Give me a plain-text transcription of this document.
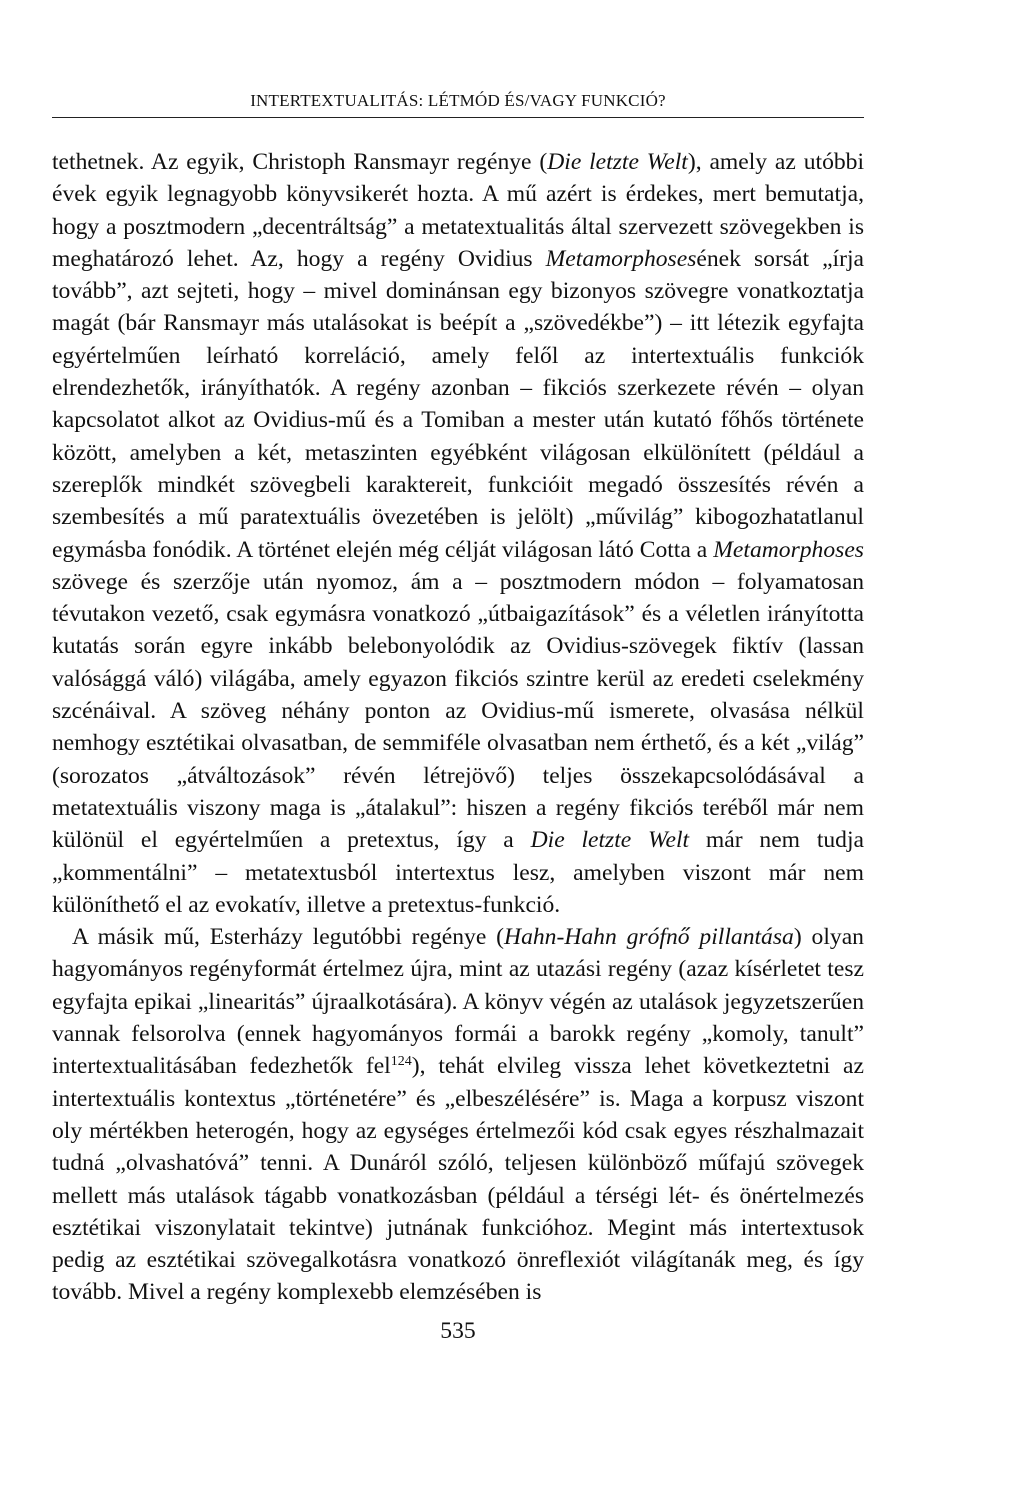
INTERTEXTUALITÁS: LÉTMÓD ÉS/VAGY FUNKCIÓ?

tethetnek. Az egyik, Christoph Ransmayr regénye (Die letzte Welt), amely az utóbbi évek egyik legnagyobb könyvsikerét hozta. A mű azért is érdekes, mert bemutatja, hogy a posztmodern „decentráltság” a metatextualitás által szervezett szövegekben is meghatározó lehet. Az, hogy a regény Ovidius Metamorphosesének sorsát „írja tovább”, azt sejteti, hogy – mivel dominánsan egy bizonyos szövegre vonatkoztatja magát (bár Ransmayr más utalásokat is beépít a „szövedékbe”) – itt létezik egyfajta egyértelműen leírható korreláció, amely felől az intertextuális funkciók elrendezhetők, irányíthatók. A regény azonban – fikciós szerkezete révén – olyan kapcsolatot alkot az Ovidius-mű és a Tomiban a mester után kutató főhős története között, amelyben a két, metaszinten egyébként világosan elkülönített (például a szereplők mindkét szövegbeli karaktereit, funkcióit megadó összesítés révén a szembesítés a mű paratextuális övezetében is jelölt) „művilág” kibogozhatatlanul egymásba fonódik. A történet elején még célját világosan látó Cotta a Metamorphoses szövege és szerzője után nyomoz, ám a – posztmodern módon – folyamatosan tévutakon vezető, csak egymásra vonatkozó „útbaigazítások” és a véletlen irányította kutatás során egyre inkább belebonyolódik az Ovidius-szövegek fiktív (lassan valósággá váló) világába, amely egyazon fikciós szintre kerül az eredeti cselekmény szcénáival. A szöveg néhány ponton az Ovidius-mű ismerete, olvasása nélkül nemhogy esztétikai olvasatban, de semmiféle olvasatban nem érthető, és a két „világ” (sorozatos „átváltozások” révén létrejövő) teljes összekapcsolódásával a metatextuális viszony maga is „átalakul”: hiszen a regény fikciós teréből már nem különül el egyértelműen a pretextus, így a Die letzte Welt már nem tudja „kommentálni” – metatextusból intertextus lesz, amelyben viszont már nem különíthető el az evokatív, illetve a pretextus-funkció.

A másik mű, Esterházy legutóbbi regénye (Hahn-Hahn grófnő pillantása) olyan hagyományos regényformát értelmez újra, mint az utazási regény (azaz kísérletet tesz egyfajta epikai „linearitás” újraalkotására). A könyv végén az utalások jegyzetszerűen vannak felsorolva (ennek hagyományos formái a barokk regény „komoly, tanult” intertextualitásában fedezhetők fel$^{124}$), tehát elvileg vissza lehet következtetni az intertextuális kontextus „történetére” és „elbeszélésére” is. Maga a korpusz viszont oly mértékben heterogén, hogy az egységes értelmezői kód csak egyes részhalmazait tudná „olvashatóvá” tenni. A Dunáról szóló, teljesen különböző műfajú szövegek mellett más utalások tágabb vonatkozásban (például a térségi lét- és önértelmezés esztétikai viszonylatait tekintve) jutnának funkcióhoz. Megint más intertextusok pedig az esztétikai szövegalkotásra vonatkozó önreflexiót világítanák meg, és így tovább. Mivel a regény komplexebb elemzésében is

535
